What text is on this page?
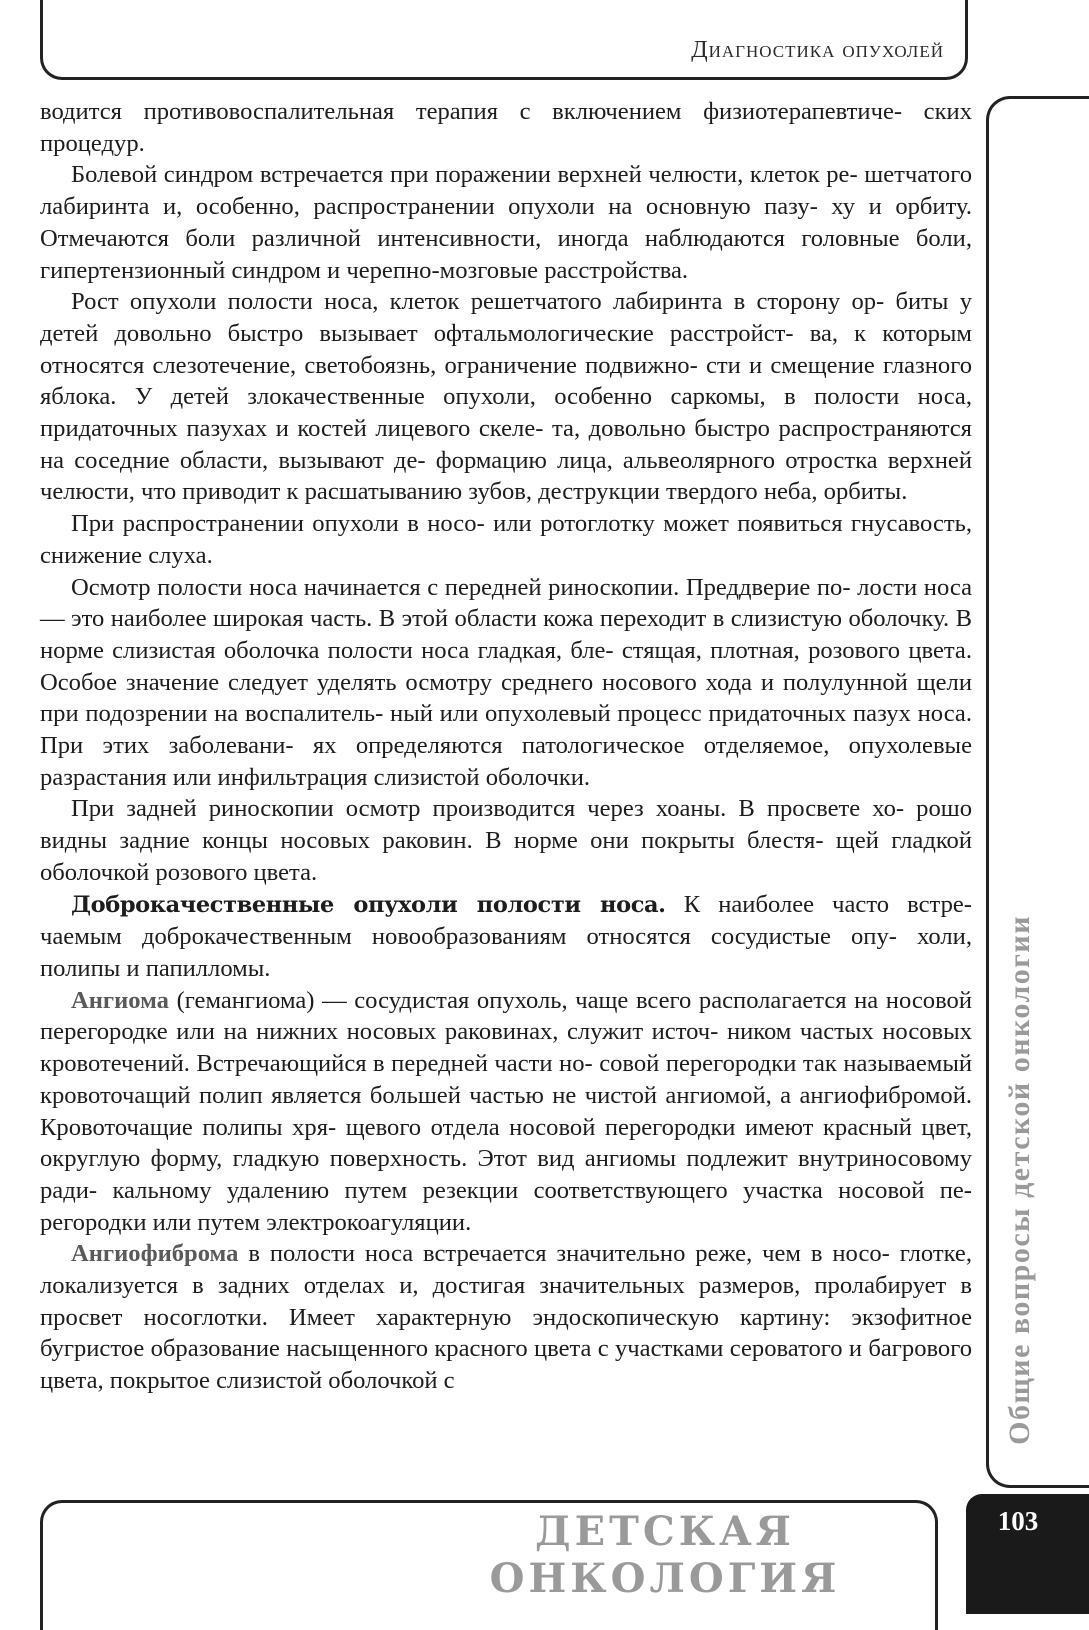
Диагностика опухолей
Общие вопросы детской онкологии

водится противовоспалительная терапия с включением физиотерапевтиче- ских процедур.

Болевой синдром встречается при поражении верхней челюсти, клеток ре- шетчатого лабиринта и, особенно, распространении опухоли на основную пазу- ху и орбиту. Отмечаются боли различной интенсивности, иногда наблюдаются головные боли, гипертензионный синдром и черепно-мозговые расстройства.

Рост опухоли полости носа, клеток решетчатого лабиринта в сторону ор- биты у детей довольно быстро вызывает офтальмологические расстройст- ва, к которым относятся слезотечение, светобоязнь, ограничение подвижно- сти и смещение глазного яблока. У детей злокачественные опухоли, особенно саркомы, в полости носа, придаточных пазухах и костей лицевого скеле- та, довольно быстро распространяются на соседние области, вызывают де- формацию лица, альвеолярного отростка верхней челюсти, что приводит к расшатыванию зубов, деструкции твердого неба, орбиты.

При распространении опухоли в носо- или ротоглотку может появиться гнусавость, снижение слуха.

Осмотр полости носа начинается с передней риноскопии. Преддверие по- лости носа — это наиболее широкая часть. В этой области кожа переходит в слизистую оболочку. В норме слизистая оболочка полости носа гладкая, бле- стящая, плотная, розового цвета. Особое значение следует уделять осмотру среднего носового хода и полулунной щели при подозрении на воспалитель- ный или опухолевый процесс придаточных пазух носа. При этих заболевани- ях определяются патологическое отделяемое, опухолевые разрастания или инфильтрация слизистой оболочки.

При задней риноскопии осмотр производится через хоаны. В просвете хо- рошо видны задние концы носовых раковин. В норме они покрыты блестя- щей гладкой оболочкой розового цвета.

Доброкачественные опухоли полости носа. К наиболее часто встре- чаемым доброкачественным новообразованиям относятся сосудистые опу- холи, полипы и папилломы.

Ангиома (гемангиома) — сосудистая опухоль, чаще всего располагается на носовой перегородке или на нижних носовых раковинах, служит источ- ником частых носовых кровотечений. Встречающийся в передней части но- совой перегородки так называемый кровоточащий полип является большей частью не чистой ангиомой, а ангиофибромой. Кровоточащие полипы хря- щевого отдела носовой перегородки имеют красный цвет, округлую форму, гладкую поверхность. Этот вид ангиомы подлежит внутриносовому ради- кальному удалению путем резекции соответствующего участка носовой пе- регородки или путем электрокоагуляции.

Ангиофиброма в полости носа встречается значительно реже, чем в носо- глотке, локализуется в задних отделах и, достигая значительных размеров, пролабирует в просвет носоглотки. Имеет характерную эндоскопическую картину: экзофитное бугристое образование насыщенного красного цвета с участками сероватого и багрового цвета, покрытое слизистой оболочкой с

ДЕТСКАЯ ОНКОЛОГИЯ
103
